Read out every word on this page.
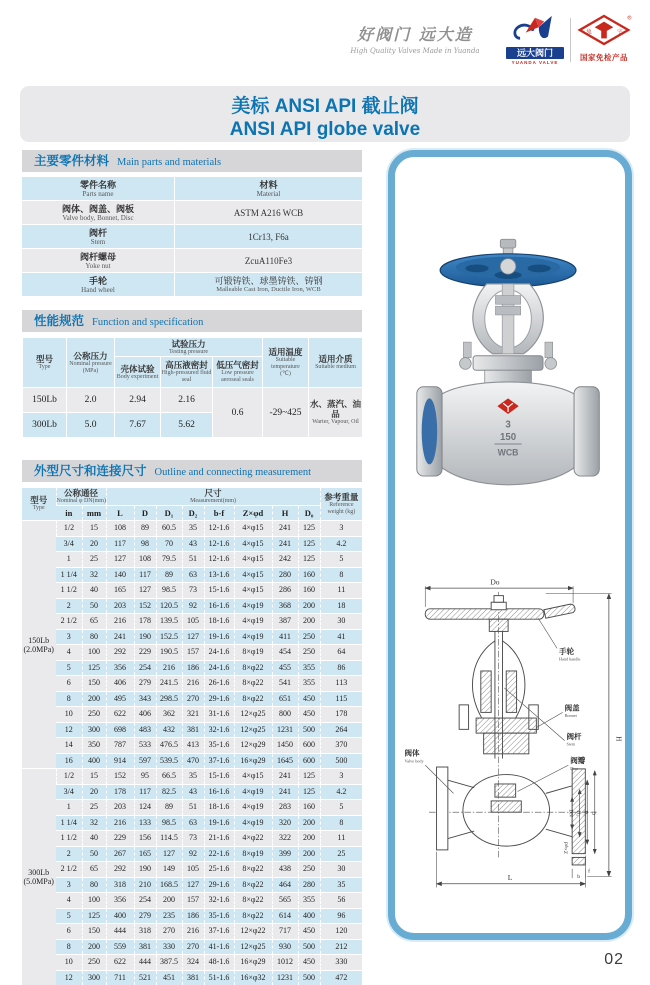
好阀门 远大造
High Quality Valves Made in Yuanda	远大阀门
YUANDA VALVE
兔	字
®
国家免检产品
美标 ANSI API 截止阀
ANSI API globe valve
主要零件材料 Main parts and materials
零件名称
Parts name
材料
Material
阀体、阀盖、阀板
Valve body, Bonnet, Disc	ASTM A216 WCB
阀杆
Stem	1Cr13, F6a
阀杆螺母
Yoke nut	ZcuA110Fe3
手轮
Hand wheel
可锻铸铁、球墨铸铁、铸钢
Malleable Cast Iron, Ductile Iron, WCB
性能规范 Function and specification
型号
Type

公称压力
Nominal pressure
(MPa)

试验压力
Testing pressure	适用温度
Suitable temperature
(℃)

适用介质
Suitable medium

壳体试验
Body experiment

高压液密封
High-pressured fluid seal

低压气密封
Low pressure aeroseal seals

150Lb	2.0	2.94	2.16	0.6	-29~425	水、蒸汽、油品
Warter, Vapour, Oil

300Lb	5.0	7.67	5.62			
外型尺寸和连接尺寸 Outline and connecting measurement
型号
Type

公称通径
Nominal φ DN(mm)

尺寸
Measurement(mm)	参考重量
Reference
weight (kg)

	in	mm	L	D	D₁	D₂	b-f	Z×φd	H	D₀	

150Lb
(2.0MPa)	1/2	15	108	89	60.5	35	12-1.6	4×φ15	241	125	3
	3/4	20	117	98	70	43	12-1.6	4×φ15	241	125	4.2
	1	25	127	108	79.5	51	12-1.6	4×φ15	242	125	5
	1 1/4	32	140	117	89	63	13-1.6	4×φ15	280	160	8
	1 1/2	40	165	127	98.5	73	15-1.6	4×φ15	286	160	11
	2	50	203	152	120.5	92	16-1.6	4×φ19	368	200	18
	2 1/2	65	216	178	139.5	105	18-1.6	4×φ19	387	200	30
	3	80	241	190	152.5	127	19-1.6	4×φ19	411	250	41
	4	100	292	229	190.5	157	24-1.6	8×φ19	454	250	64
	5	125	356	254	216	186	24-1.6	8×φ22	455	355	86
	6	150	406	279	241.5	216	26-1.6	8×φ22	541	355	113
	8	200	495	343	298.5	270	29-1.6	8×φ22	651	450	115
	10	250	622	406	362	321	31-1.6	12×φ25	800	450	178
	12	300	698	483	432	381	32-1.6	12×φ25	1231	500	264
	14	350	787	533	476.5	413	35-1.6	12×φ29	1450	600	370
	16	400	914	597	539.5	470	37-1.6	16×φ29	1645	600	500

300Lb
(5.0MPa)	1/2	15	152	95	66.5	35	15-1.6	4×φ15	241	125	3
	3/4	20	178	117	82.5	43	16-1.6	4×φ19	241	125	4.2
	1	25	203	124	89	51	18-1.6	4×φ19	283	160	5
	1 1/4	32	216	133	98.5	63	19-1.6	4×φ19	320	200	8
	1 1/2	40	229	156	114.5	73	21-1.6	4×φ22	322	200	11
	2	50	267	165	127	92	22-1.6	8×φ19	399	200	25
	2 1/2	65	292	190	149	105	25-1.6	8×φ22	438	250	30
	3	80	318	210	168.5	127	29-1.6	8×φ22	464	280	35
	4	100	356	254	200	157	32-1.6	8×φ22	565	355	56
	5	125	400	279	235	186	35-1.6	8×φ22	614	400	96
	6	150	444	318	270	216	37-1.6	12×φ22	717	450	120
	8	200	559	381	330	270	41-1.6	12×φ25	930	500	212
	10	250	622	444	387.5	324	48-1.6	16×φ29	1012	450	330
	12	300	711	521	451	381	51-1.6	16×φ32	1231	500	472
3
150
WCB
Do
H
L
DN D₂ D₁ D
Z×φd
b
f
手轮
Hand handle
阀盖
Bonnet
阀杆
Stem
阀瓣
Disc
阀体
Valve body
02
